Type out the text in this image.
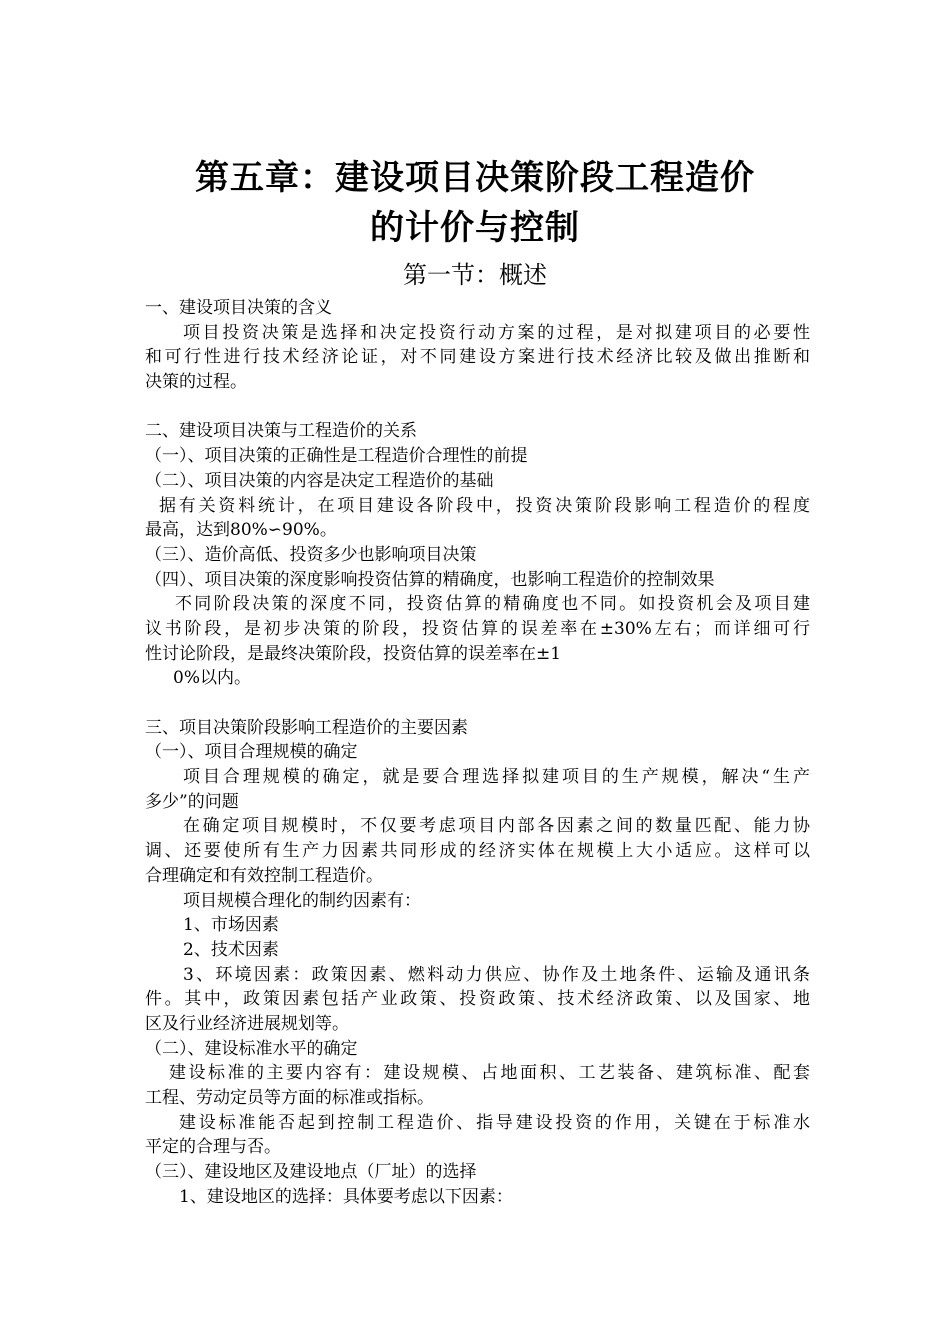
第五章：建设项目决策阶段工程造价
的计价与控制
第一节：概述
一、建设项目决策的含义
项目投资决策是选择和决定投资行动方案的过程，是对拟建项目的必要性
和可行性进行技术经济论证，对不同建设方案进行技术经济比较及做出推断和
决策的过程。
二、建设项目决策与工程造价的关系
（一）、项目决策的正确性是工程造价合理性的前提
（二）、项目决策的内容是决定工程造价的基础
据有关资料统计，在项目建设各阶段中，投资决策阶段影响工程造价的程度
最高，达到80%∽90%。
（三）、造价高低、投资多少也影响项目决策
（四）、项目决策的深度影响投资估算的精确度，也影响工程造价的控制效果
不同阶段决策的深度不同，投资估算的精确度也不同。如投资机会及项目建
议书阶段，是初步决策的阶段，投资估算的误差率在±30%左右；而详细可行
性讨论阶段，是最终决策阶段，投资估算的误差率在±1
0%以内。
三、项目决策阶段影响工程造价的主要因素
（一）、项目合理规模的确定
项目合理规模的确定，就是要合理选择拟建项目的生产规模，解决“生产
多少”的问题
在确定项目规模时，不仅要考虑项目内部各因素之间的数量匹配、能力协
调、还要使所有生产力因素共同形成的经济实体在规模上大小适应。这样可以
合理确定和有效控制工程造价。
项目规模合理化的制约因素有：
1、市场因素
2、技术因素
3、环境因素：政策因素、燃料动力供应、协作及土地条件、运输及通讯条
件。其中，政策因素包括产业政策、投资政策、技术经济政策、以及国家、地
区及行业经济进展规划等。
（二）、建设标准水平的确定
建设标准的主要内容有：建设规模、占地面积、工艺装备、建筑标准、配套
工程、劳动定员等方面的标准或指标。
建设标准能否起到控制工程造价、指导建设投资的作用，关键在于标准水
平定的合理与否。
（三）、建设地区及建设地点（厂址）的选择
1、建设地区的选择：具体要考虑以下因素：
